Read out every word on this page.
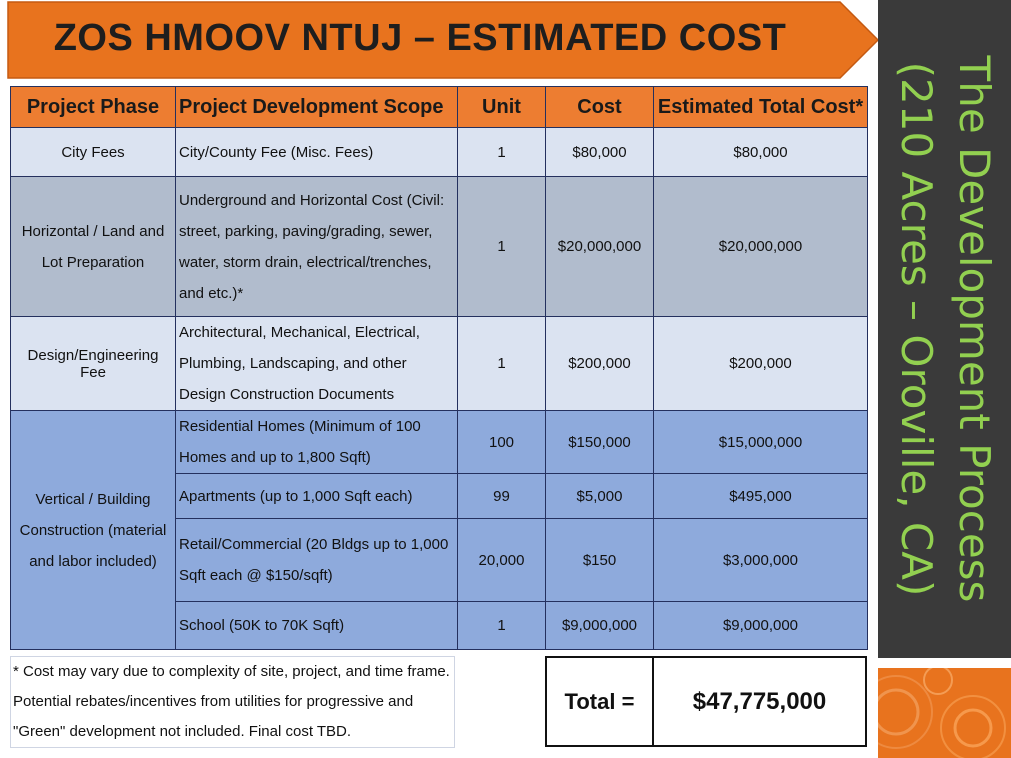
ZOS HMOOV NTUJ – ESTIMATED COST
The Development Process
(210 Acres – Oroville, CA)
Project Phase	Project Development Scope	Unit	Cost	Estimated Total Cost*
City Fees	City/County Fee (Misc. Fees)	1	$80,000	$80,000
Horizontal / Land and Lot Preparation	Underground and Horizontal Cost (Civil: street, parking, paving/grading, sewer, water, storm drain, electrical/trenches, and etc.)*	1	$20,000,000	$20,000,000
Design/Engineering Fee	Architectural, Mechanical, Electrical, Plumbing, Landscaping, and other Design Construction Documents	1	$200,000	$200,000
Vertical / Building Construction (material and labor included)	Residential Homes (Minimum of 100 Homes and up to 1,800 Sqft)	100	$150,000	$15,000,000
	Apartments (up to 1,000 Sqft each)	99	$5,000	$495,000
	Retail/Commercial (20 Bldgs up to 1,000 Sqft each @ $150/sqft)	20,000	$150	$3,000,000
	School (50K to 70K Sqft)	1	$9,000,000	$9,000,000
* Cost may vary due to complexity of site, project, and time frame.
Potential rebates/incentives from utilities for progressive and
"Green" development not included. Final cost TBD.
Total =	$47,775,000
